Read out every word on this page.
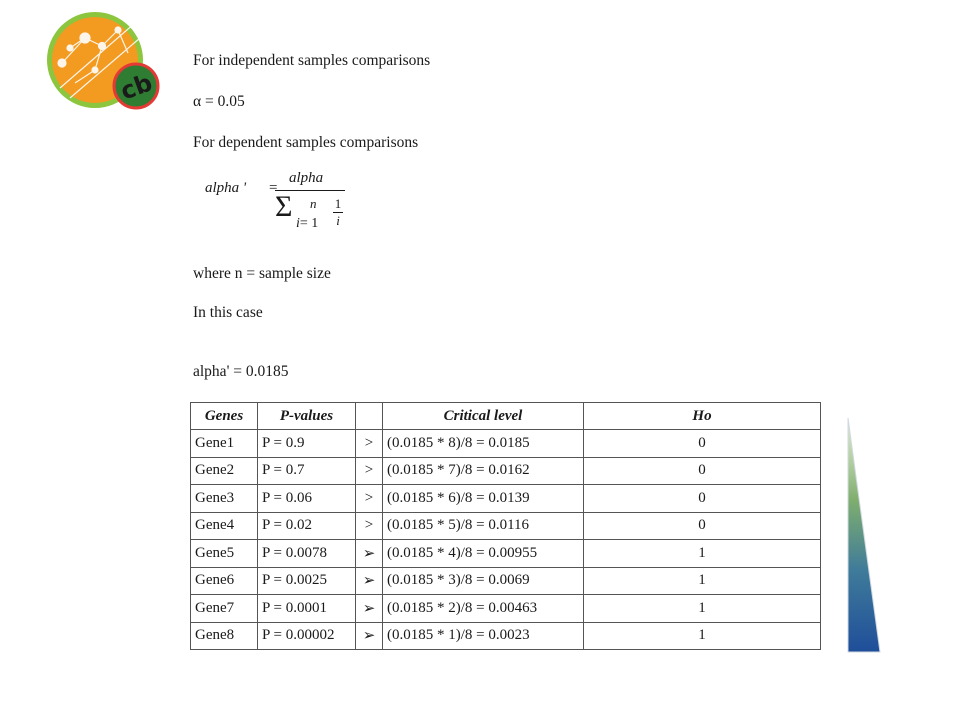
cb
For independent samples comparisons
α = 0.05
For dependent samples comparisons
alpha ' =
alpha
Σ n
i= 1
1
i
where n = sample size
In this case
alpha' = 0.0185
Genes	P-values		Critical level	Ho
Gene1	P = 0.9	>	(0.0185 * 8)/8 = 0.0185	0
Gene2	P = 0.7	>	(0.0185 * 7)/8 = 0.0162	0
Gene3	P = 0.06	>	(0.0185 * 6)/8 = 0.0139	0
Gene4	P = 0.02	>	(0.0185 * 5)/8 = 0.0116	0
Gene5	P = 0.0078	➢	(0.0185 * 4)/8 = 0.00955	1
Gene6	P = 0.0025	➢	(0.0185 * 3)/8 = 0.0069	1
Gene7	P = 0.0001	➢	(0.0185 * 2)/8 = 0.00463	1
Gene8	P = 0.00002	➢	(0.0185 * 1)/8 = 0.0023	1
